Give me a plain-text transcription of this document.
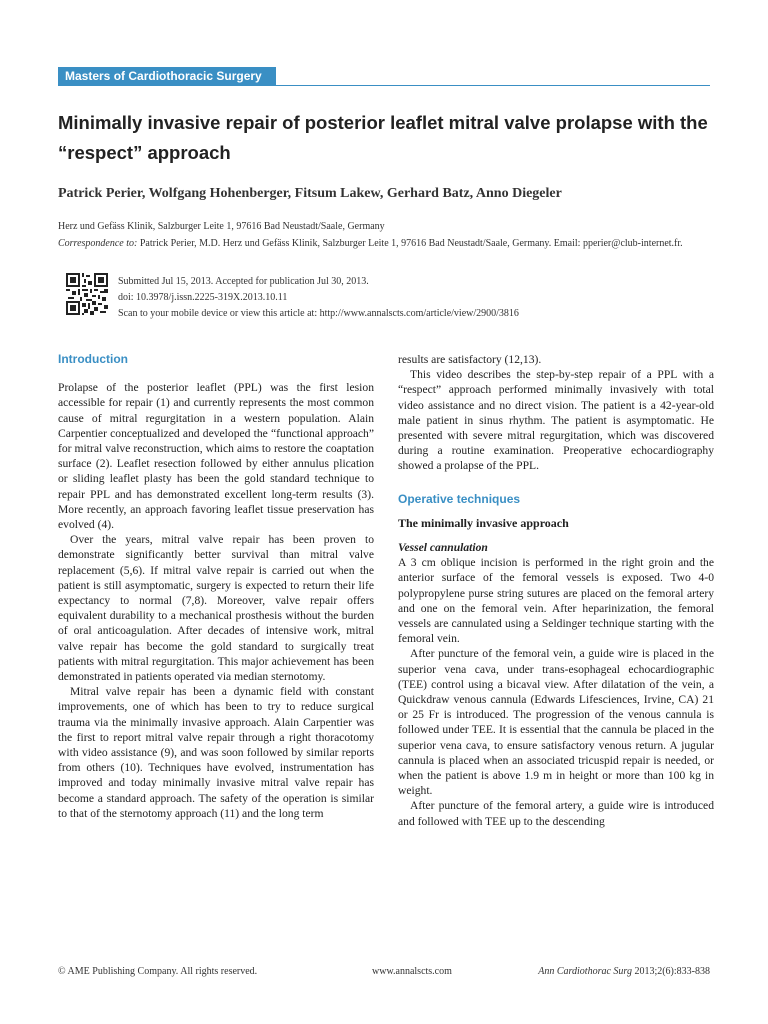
Masters of Cardiothoracic Surgery
Minimally invasive repair of posterior leaflet mitral valve prolapse with the “respect” approach

Patrick Perier, Wolfgang Hohenberger, Fitsum Lakew, Gerhard Batz, Anno Diegeler

Herz und Gefäss Klinik, Salzburger Leite 1, 97616 Bad Neustadt/Saale, Germany

Correspondence to: Patrick Perier, M.D. Herz und Gefäss Klinik, Salzburger Leite 1, 97616 Bad Neustadt/Saale, Germany. Email: pperier@club-internet.fr.

Submitted Jul 15, 2013. Accepted for publication Jul 30, 2013.
doi: 10.3978/j.issn.2225-319X.2013.10.11
Scan to your mobile device or view this article at: http://www.annalscts.com/article/view/2900/3816
Introduction

Prolapse of the posterior leaflet (PPL) was the first lesion accessible for repair (1) and currently represents the most common cause of mitral regurgitation in a western population. Alain Carpentier conceptualized and developed the “functional approach” for mitral valve reconstruction, which aims to restore the coaptation surface (2). Leaflet resection followed by either annulus plication or sliding leaflet plasty has been the gold standard technique to repair PPL and has demonstrated excellent long-term results (3). More recently, an approach favoring leaflet tissue preservation has evolved (4).

Over the years, mitral valve repair has been proven to demonstrate significantly better survival than mitral valve replacement (5,6). If mitral valve repair is carried out when the patient is still asymptomatic, surgery is expected to return their life expectancy to normal (7,8). Moreover, valve repair offers equivalent durability to a mechanical prosthesis without the burden of oral anticoagulation. After decades of intensive work, mitral valve repair has become the gold standard to surgically treat patients with mitral regurgitation. This major achievement has been demonstrated in patients operated via median sternotomy.

Mitral valve repair has been a dynamic field with constant improvements, one of which has been to try to reduce surgical trauma via the minimally invasive approach. Alain Carpentier was the first to report mitral valve repair through a right thoracotomy with video assistance (9), and was soon followed by similar reports from others (10). Techniques have evolved, instrumentation has improved and today minimally invasive mitral valve repair has become a standard approach. The safety of the operation is similar to that of the sternotomy approach (11) and the long term

results are satisfactory (12,13).

This video describes the step-by-step repair of a PPL with a “respect” approach performed minimally invasively with total video assistance and no direct vision. The patient is a 42-year-old male patient in sinus rhythm. The patient is asymptomatic. He presented with severe mitral regurgitation, which was discovered during a routine examination. Preoperative echocardiography showed a prolapse of the PPL.

Operative techniques
The minimally invasive approach
Vessel cannulation

A 3 cm oblique incision is performed in the right groin and the anterior surface of the femoral vessels is exposed. Two 4-0 polypropylene purse string sutures are placed on the femoral artery and one on the femoral vein. After heparinization, the femoral vessels are cannulated using a Seldinger technique starting with the femoral vein.

After puncture of the femoral vein, a guide wire is placed in the superior vena cava, under trans-esophageal echocardiographic (TEE) control using a bicaval view. After dilatation of the vein, a Quickdraw venous cannula (Edwards Lifesciences, Irvine, CA) 21 or 25 Fr is introduced. The progression of the venous cannula is followed under TEE. It is essential that the cannula be placed in the superior vena cava, to ensure satisfactory venous return. A jugular cannula is placed when an associated tricuspid repair is needed, or when the patient is above 1.9 m in height or more than 100 kg in weight.

After puncture of the femoral artery, a guide wire is introduced and followed with TEE up to the descending

© AME Publishing Company. All rights reserved.	www.annalscts.com	Ann Cardiothorac Surg 2013;2(6):833-838
